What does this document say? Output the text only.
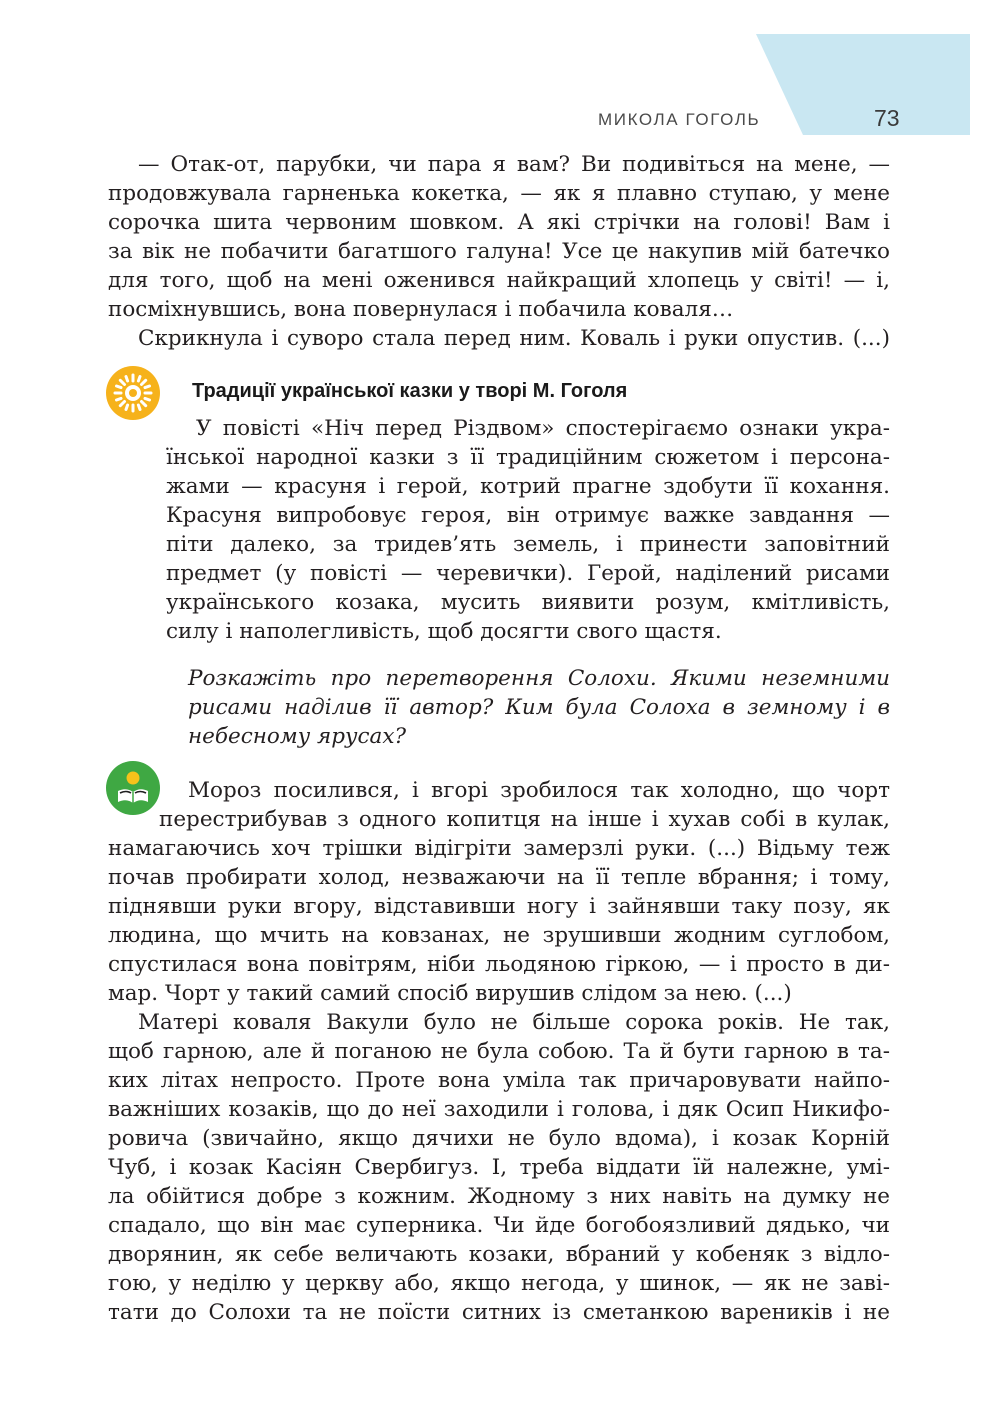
МИКОЛА ГОГОЛЬ	73

— Отак-от, парубки, чи пара я вам? Ви подивіться на мене, —
продовжувала гарненька кокетка, — як я плавно ступаю, у мене
сорочка шита червоним шовком. А які стрічки на голові! Вам і
за вік не побачити багатшого галуна! Усе це накупив мій батечко
для того, щоб на мені оженився найкращий хлопець у світі! — і,
посміхнувшись, вона повернулася і побачила коваля…
Скрикнула і суворо стала перед ним. Коваль і руки опустив. (...)

Традиції української казки у творі М. Гоголя

У повісті «Ніч перед Різдвом» спостерігаємо ознаки укра-
їнської народної казки з її традиційним сюжетом і персона-
жами — красуня і герой, котрий прагне здобути її кохання.
Красуня випробовує героя, він отримує важке завдання —
піти далеко, за тридев’ять земель, і принести заповітний
предмет (у повісті — черевички). Герой, наділений рисами
українського козака, мусить виявити розум, кмітливість,
силу і наполегливість, щоб досягти свого щастя.

Розкажіть про перетворення Солохи. Якими неземними
рисами наділив її автор? Ким була Солоха в земному і в
небесному ярусах?

Мороз посилився, і вгорі зробилося так холодно, що чорт
перестрибував з одного копитця на інше і хухав собі в кулак,
намагаючись хоч трішки відігріти замерзлі руки. (...) Відьму теж
почав пробирати холод, незважаючи на її тепле вбрання; і тому,
піднявши руки вгору, відставивши ногу і зайнявши таку позу, як
людина, що мчить на ковзанах, не зрушивши жодним суглобом,
спустилася вона повітрям, ніби льодяною гіркою, — і просто в ди-
мар. Чорт у такий самий спосіб вирушив слідом за нею. (...)
Матері коваля Вакули було не більше сорока років. Не так,
щоб гарною, але й поганою не була собою. Та й бути гарною в та-
ких літах непросто. Проте вона уміла так причаровувати найпо-
важніших козаків, що до неї заходили і голова, і дяк Осип Никифо-
ровича (звичайно, якщо дячихи не було вдома), і козак Корній
Чуб, і козак Касіян Свербигуз. І, треба віддати їй належне, умі-
ла обійтися добре з кожним. Жодному з них навіть на думку не
спадало, що він має суперника. Чи йде богобоязливий дядько, чи
дворянин, як себе величають козаки, вбраний у кобеняк з відло-
гою, у неділю у церкву або, якщо негода, у шинок, — як не заві-
тати до Солохи та не поїсти ситних із сметанкою вареників і не
